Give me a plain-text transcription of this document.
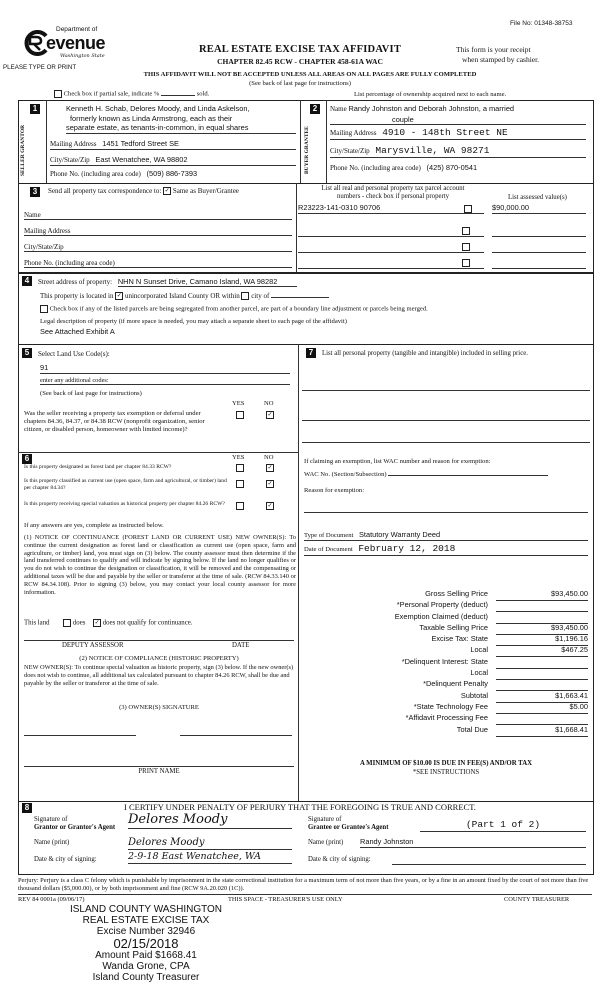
File No: 01348-38753
Department of
evenue
Washington State
PLEASE TYPE OR PRINT
REAL ESTATE EXCISE TAX AFFIDAVIT
CHAPTER 82.45 RCW - CHAPTER 458-61A WAC
This form is your receipt
when stamped by cashier.
THIS AFFIDAVIT WILL NOT BE ACCEPTED UNLESS ALL AREAS ON ALL PAGES ARE FULLY COMPLETED
(See back of last page for instructions)
Check box if partial sale, indicate %	sold.	List percentage of ownership acquired next to each name.
1
SELLER GRANTOR
Kenneth H. Schab, Delores Moody, and Linda Askelson,
formerly known as Linda Armstrong, each as their
separate estate, as tenants-in-common, in equal shares
Mailing Address 1451 Tedford Street SE
City/State/Zip East Wenatchee, WA 98802
Phone No. (including area code) (509) 886-7393
2
BUYER GRANTEE
Name Randy Johnston and Deborah Johnston, a married
couple
Mailing Address 4910 - 148th Street NE
City/State/Zip Marysville, WA 98271
Phone No. (including area code) (425) 870-0541
3	Send all property tax correspondence to: ✓ Same as Buyer/Grantee
Name
Mailing Address
City/State/Zip
Phone No. (including area code)
List all real and personal property tax parcel account
numbers - check box if personal property	List assessed value(s)
R23223-141-0310 90706	$90,000.00
4	Street address of property: NHN N Sunset Drive, Camano Island, WA 98282
This property is located in ✓ unincorporated Island County OR within city of
Check box if any of the listed parcels are being segregated from another parcel, are part of a boundary line adjustment or parcels being merged.
Legal description of property (if more space is needed, you may attach a separate sheet to each page of the affidavit)
See Attached Exhibit A
5	Select Land Use Code(s):
91
enter any additional codes:
(See back of last page for instructions)
YES	NO
Was the seller receiving a property tax exemption or deferral under chapters 84.36, 84.37, or 84.38 RCW (nonprofit organization, senior citizen, or disabled person, homeowner with limited income)?
✓
6	YES	NO
Is this property designated as forest land per chapter 84.33 RCW?	✓
Is this property classified as current use (open space, farm and agricultural, or timber) land per chapter 84.34?
✓
Is this property receiving special valuation as historical property per chapter 84.26 RCW?	✓
If any answers are yes, complete as instructed below.
(1) NOTICE OF CONTINUANCE (FOREST LAND OR CURRENT USE) NEW OWNER(S): To continue the current designation as forest land or classification as current use (open space, farm and agriculture, or timber) land, you must sign on (3) below. The county assessor must then determine if the land transferred continues to qualify and will indicate by signing below. If the land no longer qualifies or you do not wish to continue the designation or classification, it will be removed and the compensating or additional taxes will be due and payable by the seller or transferor at the time of sale. (RCW 84.33.140 or RCW 84.34.108). Prior to signing (3) below, you may contact your local county assessor for more information.
This land	does ✓ does not qualify for continuance.
DEPUTY ASSESSOR	DATE
(2) NOTICE OF COMPLIANCE (HISTORIC PROPERTY)
NEW OWNER(S): To continue special valuation as historic property, sign (3) below. If the new owner(s) does not wish to continue, all additional tax calculated pursuant to chapter 84.26 RCW, shall be due and payable by the seller or transferor at the time of sale.
(3) OWNER(S) SIGNATURE
PRINT NAME
7	List all personal property (tangible and intangible) included in selling price.
If claiming an exemption, list WAC number and reason for exemption:
WAC No. (Section/Subsection)
Reason for exemption:
Type of Document Statutory Warranty Deed
Date of Document February 12, 2018
Gross Selling Price	$93,450.00
*Personal Property (deduct)
Exemption Claimed (deduct)
Taxable Selling Price	$93,450.00
Excise Tax: State	$1,196.16
Local	$467.25
*Delinquent Interest: State
Local
*Delinquent Penalty
Subtotal	$1,663.41
*State Technology Fee	$5.00
*Affidavit Processing Fee
Total Due	$1,668.41
A MINIMUM OF $10.00 IS DUE IN FEE(S) AND/OR TAX
*SEE INSTRUCTIONS
8	I CERTIFY UNDER PENALTY OF PERJURY THAT THE FOREGOING IS TRUE AND CORRECT.
Signature of
Grantor or Grantor's Agent
Delores Moody
Name (print)	Delores Moody
Date & city of signing:	2-9-18 East Wenatchee, WA
Signature of
Grantee or Grantee's Agent	(Part 1 of 2)
Name (print) Randy Johnston
Date & city of signing:
Perjury: Perjury is a class C felony which is punishable by imprisonment in the state correctional institution for a maximum term of not more than five years, or by a fine in an amount fixed by the court of not more than five thousand dollars ($5,000.00), or by both imprisonment and fine (RCW 9A.20.020 (1C)).
REV 84 0001a (09/06/17)	THIS SPACE - TREASURER'S USE ONLY	COUNTY TREASURER
ISLAND COUNTY WASHINGTON
REAL ESTATE EXCISE TAX
Excise Number 32946
02/15/2018
Amount Paid $1668.41
Wanda Grone, CPA
Island County Treasurer
